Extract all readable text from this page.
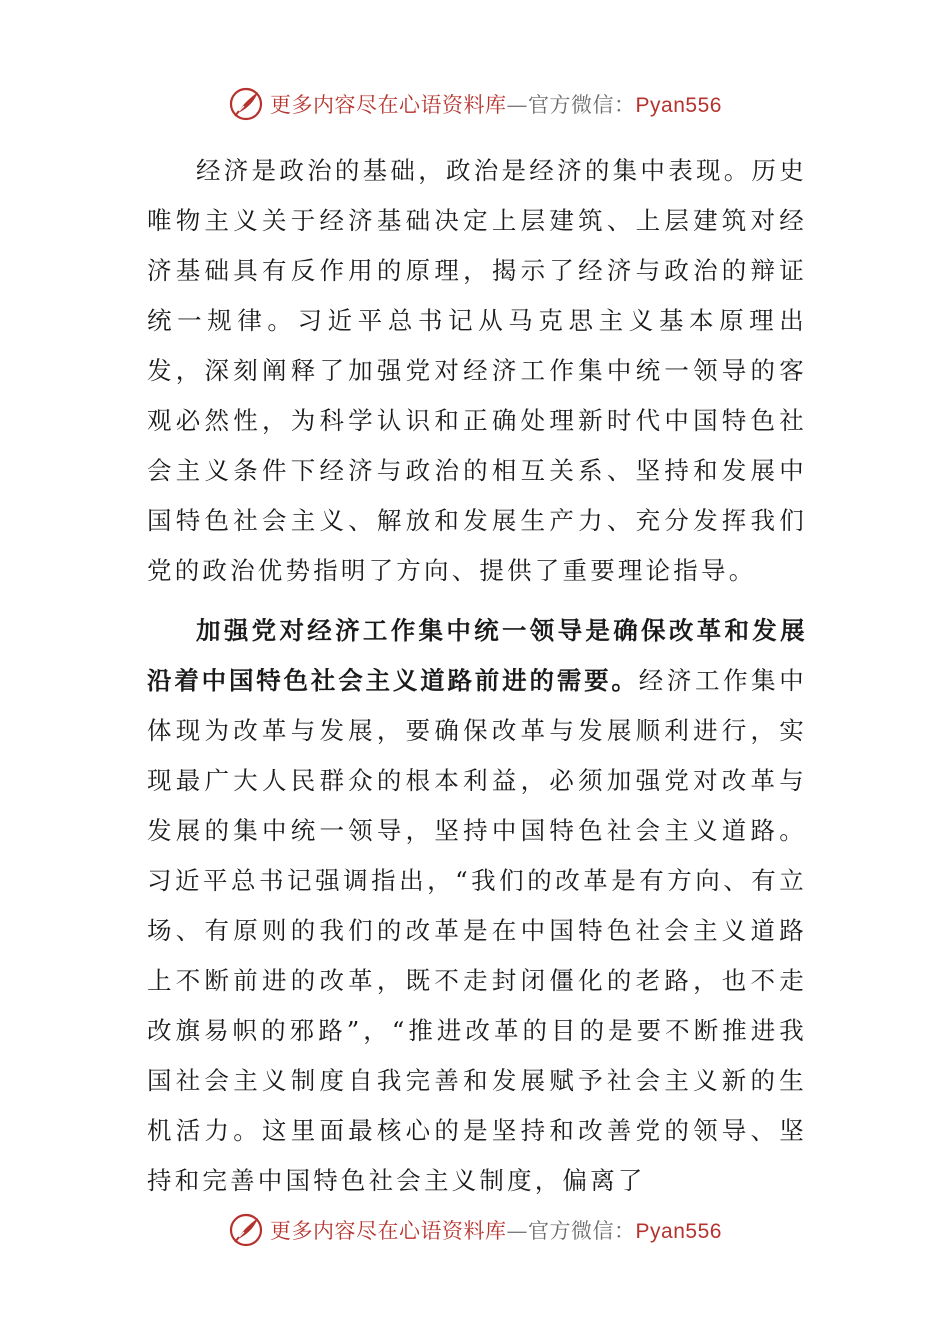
更多内容尽在心语资料库—官方微信：Pyan556

经济是政治的基础，政治是经济的集中表现。历史唯物主义关于经济基础决定上层建筑、上层建筑对经济基础具有反作用的原理，揭示了经济与政治的辩证统一规律。习近平总书记从马克思主义基本原理出发，深刻阐释了加强党对经济工作集中统一领导的客观必然性，为科学认识和正确处理新时代中国特色社会主义条件下经济与政治的相互关系、坚持和发展中国特色社会主义、解放和发展生产力、充分发挥我们党的政治优势指明了方向、提供了重要理论指导。

加强党对经济工作集中统一领导是确保改革和发展沿着中国特色社会主义道路前进的需要。经济工作集中体现为改革与发展，要确保改革与发展顺利进行，实现最广大人民群众的根本利益，必须加强党对改革与发展的集中统一领导，坚持中国特色社会主义道路。习近平总书记强调指出，“我们的改革是有方向、有立场、有原则的我们的改革是在中国特色社会主义道路上不断前进的改革，既不走封闭僵化的老路，也不走改旗易帜的邪路”，“推进改革的目的是要不断推进我国社会主义制度自我完善和发展赋予社会主义新的生机活力。这里面最核心的是坚持和改善党的领导、坚持和完善中国特色社会主义制度，偏离了

更多内容尽在心语资料库—官方微信：Pyan556
